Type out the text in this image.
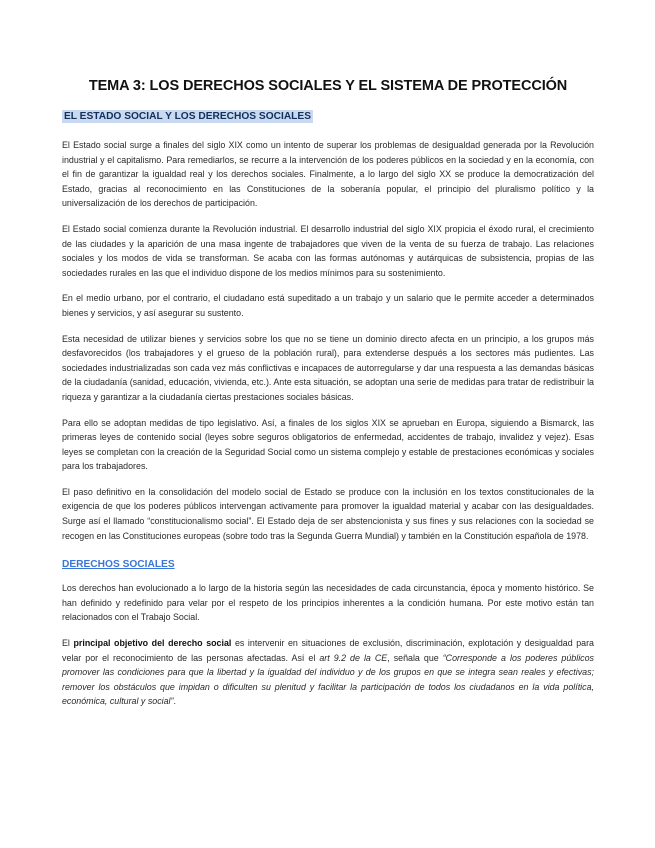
TEMA 3: LOS DERECHOS SOCIALES Y EL SISTEMA DE PROTECCIÓN
EL ESTADO SOCIAL Y LOS DERECHOS SOCIALES

El Estado social surge a finales del siglo XIX como un intento de superar los problemas de desigualdad generada por la Revolución industrial y el capitalismo. Para remediarlos, se recurre a la intervención de los poderes públicos en la sociedad y en la economía, con el fin de garantizar la igualdad real y los derechos sociales. Finalmente, a lo largo del siglo XX se produce la democratización del Estado, gracias al reconocimiento en las Constituciones de la soberanía popular, el principio del pluralismo político y la universalización de los derechos de participación.

El Estado social comienza durante la Revolución industrial. El desarrollo industrial del siglo XIX propicia el éxodo rural, el crecimiento de las ciudades y la aparición de una masa ingente de trabajadores que viven de la venta de su fuerza de trabajo. Las relaciones sociales y los modos de vida se transforman. Se acaba con las formas autónomas y autárquicas de subsistencia, propias de las sociedades rurales en las que el individuo dispone de los medios mínimos para su sostenimiento.

En el medio urbano, por el contrario, el ciudadano está supeditado a un trabajo y un salario que le permite acceder a determinados bienes y servicios, y así asegurar su sustento.

Esta necesidad de utilizar bienes y servicios sobre los que no se tiene un dominio directo afecta en un principio, a los grupos más desfavorecidos (los trabajadores y el grueso de la población rural), para extenderse después a los sectores más pudientes. Las sociedades industrializadas son cada vez más conflictivas e incapaces de autorregularse y dar una respuesta a las demandas básicas de la ciudadanía (sanidad, educación, vivienda, etc.). Ante esta situación, se adoptan una serie de medidas para tratar de redistribuir la riqueza y garantizar a la ciudadanía ciertas prestaciones sociales básicas.

Para ello se adoptan medidas de tipo legislativo. Así, a finales de los siglos XIX se aprueban en Europa, siguiendo a Bismarck, las primeras leyes de contenido social (leyes sobre seguros obligatorios de enfermedad, accidentes de trabajo, invalidez y vejez). Esas leyes se completan con la creación de la Seguridad Social como un sistema complejo y estable de prestaciones económicas y sociales para los trabajadores.

El paso definitivo en la consolidación del modelo social de Estado se produce con la inclusión en los textos constitucionales de la exigencia de que los poderes públicos intervengan activamente para promover la igualdad material y acabar con las desigualdades. Surge así el llamado “constitucionalismo social”. El Estado deja de ser abstencionista y sus fines y sus relaciones con la sociedad se recogen en las Constituciones europeas (sobre todo tras la Segunda Guerra Mundial) y también en la Constitución española de 1978.

DERECHOS SOCIALES

Los derechos han evolucionado a lo largo de la historia según las necesidades de cada circunstancia, época y momento histórico. Se han definido y redefinido para velar por el respeto de los principios inherentes a la condición humana. Por este motivo están tan relacionados con el Trabajo Social.

El principal objetivo del derecho social es intervenir en situaciones de exclusión, discriminación, explotación y desigualdad para velar por el reconocimiento de las personas afectadas. Así el art 9.2 de la CE, señala que “Corresponde a los poderes públicos promover las condiciones para que la libertad y la igualdad del individuo y de los grupos en que se integra sean reales y efectivas; remover los obstáculos que impidan o dificulten su plenitud y facilitar la participación de todos los ciudadanos en la vida política, económica, cultural y social”.
